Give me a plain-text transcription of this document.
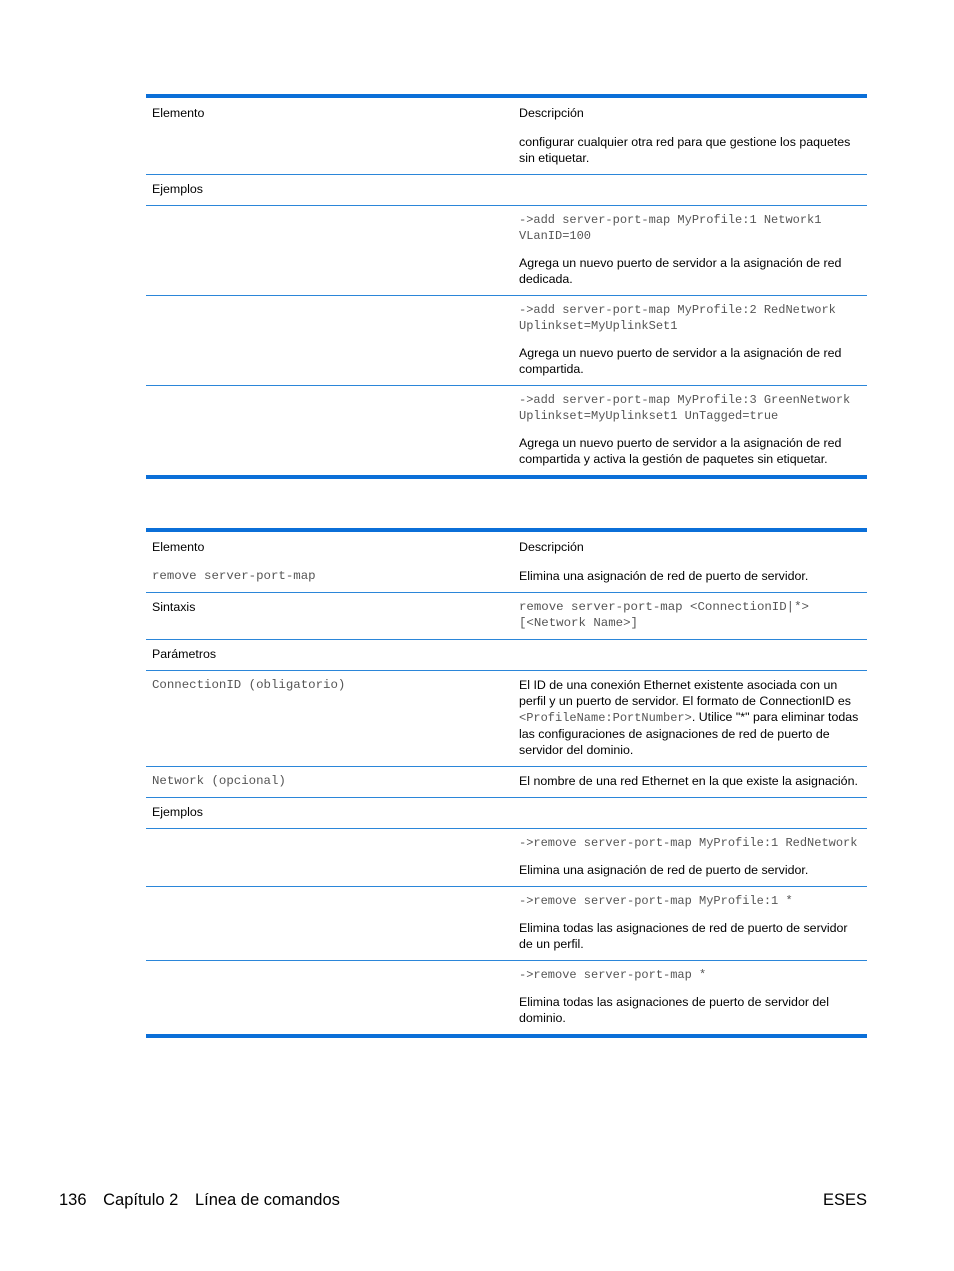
Elemento	Descripción
	configurar cualquier otra red para que gestione los paquetes sin etiquetar.
Ejemplos	

	->add server-port-map MyProfile:1 Network1 VLanID=100
Agrega un nuevo puerto de servidor a la asignación de red dedicada.

	->add server-port-map MyProfile:2 RedNetwork Uplinkset=MyUplinkSet1
Agrega un nuevo puerto de servidor a la asignación de red compartida.

	->add server-port-map MyProfile:3 GreenNetwork Uplinkset=MyUplinkset1 UnTagged=true
Agrega un nuevo puerto de servidor a la asignación de red compartida y activa la gestión de paquetes sin etiquetar.
Elemento	Descripción
remove server-port-map	Elimina una asignación de red de puerto de servidor.
Sintaxis	remove server-port-map <ConnectionID|*> [<Network Name>]
Parámetros	
ConnectionID (obligatorio)	El ID de una conexión Ethernet existente asociada con un perfil y un puerto de servidor. El formato de ConnectionID es <ProfileName:PortNumber>. Utilice "*" para eliminar todas las configuraciones de asignaciones de red de puerto de servidor del dominio.
Network (opcional)	El nombre de una red Ethernet en la que existe la asignación.
Ejemplos	

	->remove server-port-map MyProfile:1 RedNetwork
Elimina una asignación de red de puerto de servidor.

	->remove server-port-map MyProfile:1 *
Elimina todas las asignaciones de red de puerto de servidor de un perfil.

	->remove server-port-map *
Elimina todas las asignaciones de puerto de servidor del dominio.
136 Capítulo 2 Línea de comandos	ESES
